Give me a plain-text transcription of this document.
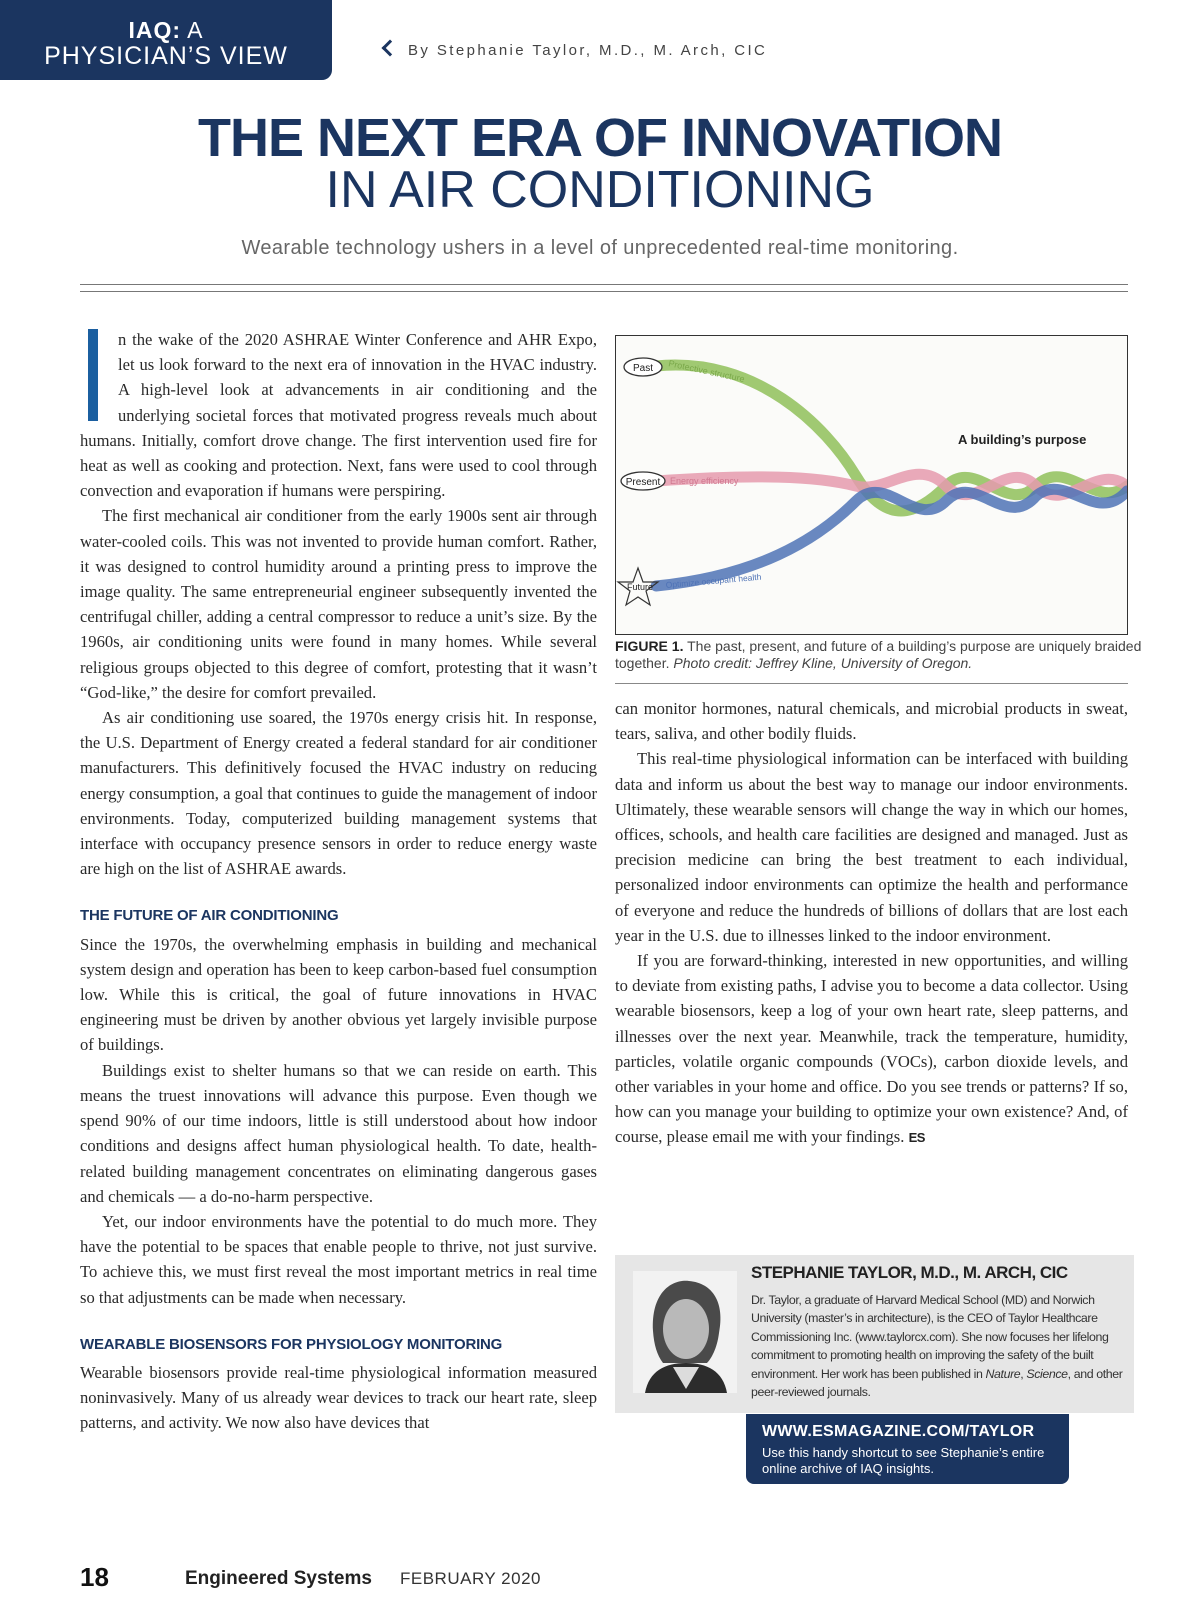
IAQ: A
PHYSICIAN’S VIEW	By Stephanie Taylor, M.D., M. Arch, CIC
THE NEXT ERA OF INNOVATION
IN AIR CONDITIONING
Wearable technology ushers in a level of unprecedented real-time monitoring.

n the wake of the 2020 ASHRAE Winter Conference and AHR Expo, let us look forward to the next era of innovation in the HVAC industry. A high-level look at advancements in air conditioning and the underlying societal forces that motivated progress reveals much about humans. Initially, comfort drove change. The first intervention used fire for heat as well as cooking and protection. Next, fans were used to cool through convection and evaporation if humans were perspiring.

The first mechanical air conditioner from the early 1900s sent air through water-cooled coils. This was not invented to provide human comfort. Rather, it was designed to control humidity around a printing press to improve the image quality. The same entrepreneurial engineer subsequently invented the centrifugal chiller, adding a central compressor to reduce a unit’s size. By the 1960s, air conditioning units were found in many homes. While several religious groups objected to this degree of comfort, protesting that it wasn’t “God-like,” the desire for comfort prevailed.

As air conditioning use soared, the 1970s energy crisis hit. In response, the U.S. Department of Energy created a federal standard for air conditioner manufacturers. This definitively focused the HVAC industry on reducing energy consumption, a goal that continues to guide the management of indoor environments. Today, computerized building management systems that interface with occupancy presence sensors in order to reduce energy waste are high on the list of ASHRAE awards.

THE FUTURE OF AIR CONDITIONING

Since the 1970s, the overwhelming emphasis in building and mechanical system design and operation has been to keep carbon-based fuel consumption low. While this is critical, the goal of future innovations in HVAC engineering must be driven by another obvious yet largely invisible purpose of buildings.

Buildings exist to shelter humans so that we can reside on earth. This means the truest innovations will advance this purpose. Even though we spend 90% of our time indoors, little is still understood about how indoor conditions and designs affect human physiological health. To date, health-related building management concentrates on eliminating dangerous gases and chemicals — a do-no-harm perspective.

Yet, our indoor environments have the potential to do much more. They have the potential to be spaces that enable people to thrive, not just survive. To achieve this, we must first reveal the most important metrics in real time so that adjustments can be made when necessary.

WEARABLE BIOSENSORS FOR PHYSIOLOGY MONITORING

Wearable biosensors provide real-time physiological information measured noninvasively. Many of us already wear devices to track our heart rate, sleep patterns, and activity. We now also have devices that

Past Protective structure
Present Energy efficiency
Future Optimize occupant health
A building’s purpose
FIGURE 1. The past, present, and future of a building’s purpose are uniquely braided together. Photo credit: Jeffrey Kline, University of Oregon.

can monitor hormones, natural chemicals, and microbial products in sweat, tears, saliva, and other bodily fluids.

This real-time physiological information can be interfaced with building data and inform us about the best way to manage our indoor environments. Ultimately, these wearable sensors will change the way in which our homes, offices, schools, and health care facilities are designed and managed. Just as precision medicine can bring the best treatment to each individual, personalized indoor environments can optimize the health and performance of everyone and reduce the hundreds of billions of dollars that are lost each year in the U.S. due to illnesses linked to the indoor environment.

If you are forward-thinking, interested in new opportunities, and willing to deviate from existing paths, I advise you to become a data collector. Using wearable biosensors, keep a log of your own heart rate, sleep patterns, and illnesses over the next year. Meanwhile, track the temperature, humidity, particles, volatile organic compounds (VOCs), carbon dioxide levels, and other variables in your home and office. Do you see trends or patterns? If so, how can you manage your building to optimize your own existence? And, of course, please email me with your findings. ES

STEPHANIE TAYLOR, M.D., M. ARCH, CIC
Dr. Taylor, a graduate of Harvard Medical School (MD) and Norwich University (master’s in architecture), is the CEO of Taylor Healthcare Commissioning Inc. (www.taylorcx.com). She now focuses her lifelong commitment to promoting health on improving the safety of the built environment. Her work has been published in Nature, Science, and other peer-reviewed journals.
WWW.ESMAGAZINE.COM/TAYLOR
Use this handy shortcut to see Stephanie’s entire online archive of IAQ insights.
18	Engineered Systems FEBRUARY 2020
